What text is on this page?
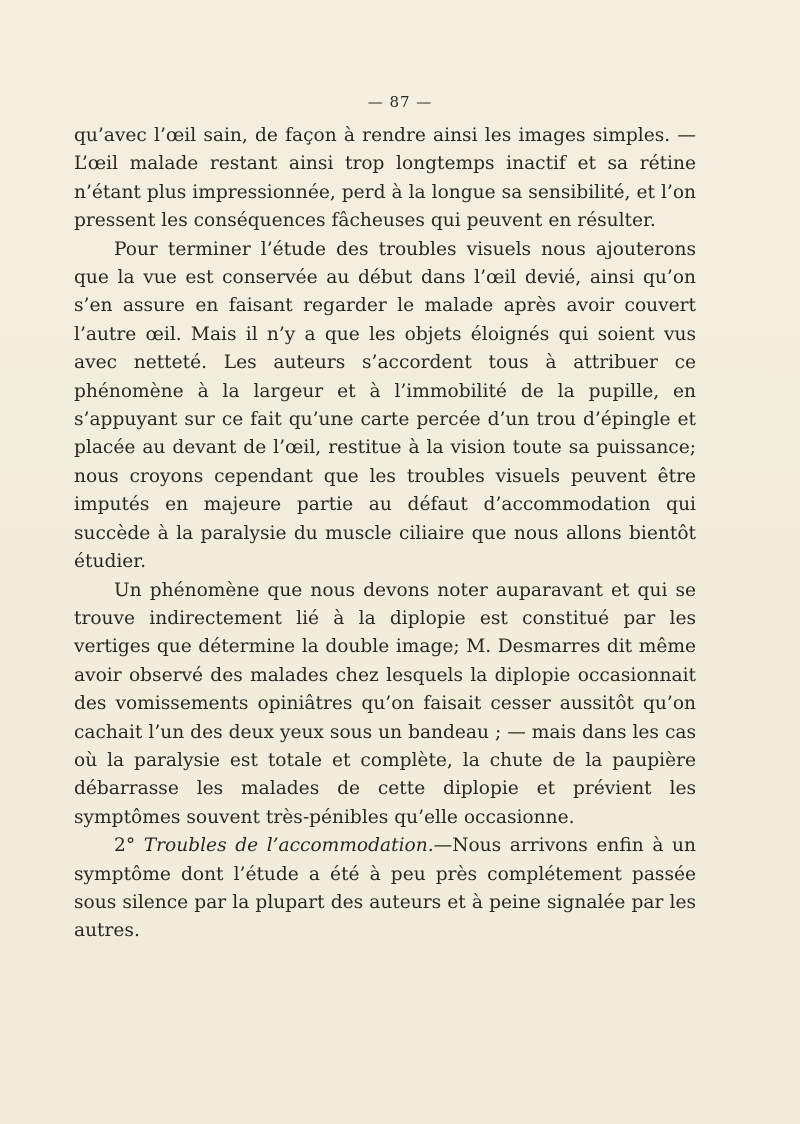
— 87 —

qu’avec l’œil sain, de façon à rendre ainsi les images simples. — L’œil malade restant ainsi trop longtemps inactif et sa rétine n’étant plus impressionnée, perd à la longue sa sensibilité, et l’on pressent les conséquences fâcheuses qui peuvent en résulter.

Pour terminer l’étude des troubles visuels nous ajouterons que la vue est conservée au début dans l’œil devié, ainsi qu’on s’en assure en faisant regarder le malade après avoir couvert l’autre œil. Mais il n’y a que les objets éloignés qui soient vus avec netteté. Les auteurs s’accordent tous à attribuer ce phénomène à la largeur et à l’immobilité de la pupille, en s’appuyant sur ce fait qu’une carte percée d’un trou d’épingle et placée au devant de l’œil, restitue à la vision toute sa puissance; nous croyons cependant que les troubles visuels peuvent être imputés en majeure partie au défaut d’accommodation qui succède à la paralysie du muscle ciliaire que nous allons bientôt étudier.

Un phénomène que nous devons noter auparavant et qui se trouve indirectement lié à la diplopie est constitué par les vertiges que détermine la double image; M. Desmarres dit même avoir observé des malades chez lesquels la diplopie occasionnait des vomissements opiniâtres qu’on faisait cesser aussitôt qu’on cachait l’un des deux yeux sous un bandeau ; — mais dans les cas où la paralysie est totale et complète, la chute de la paupière débarrasse les malades de cette diplopie et prévient les symptômes souvent très-pénibles qu’elle occasionne.

2° Troubles de l’accommodation.—Nous arrivons enfin à un symptôme dont l’étude a été à peu près complétement passée sous silence par la plupart des auteurs et à peine signalée par les autres.
